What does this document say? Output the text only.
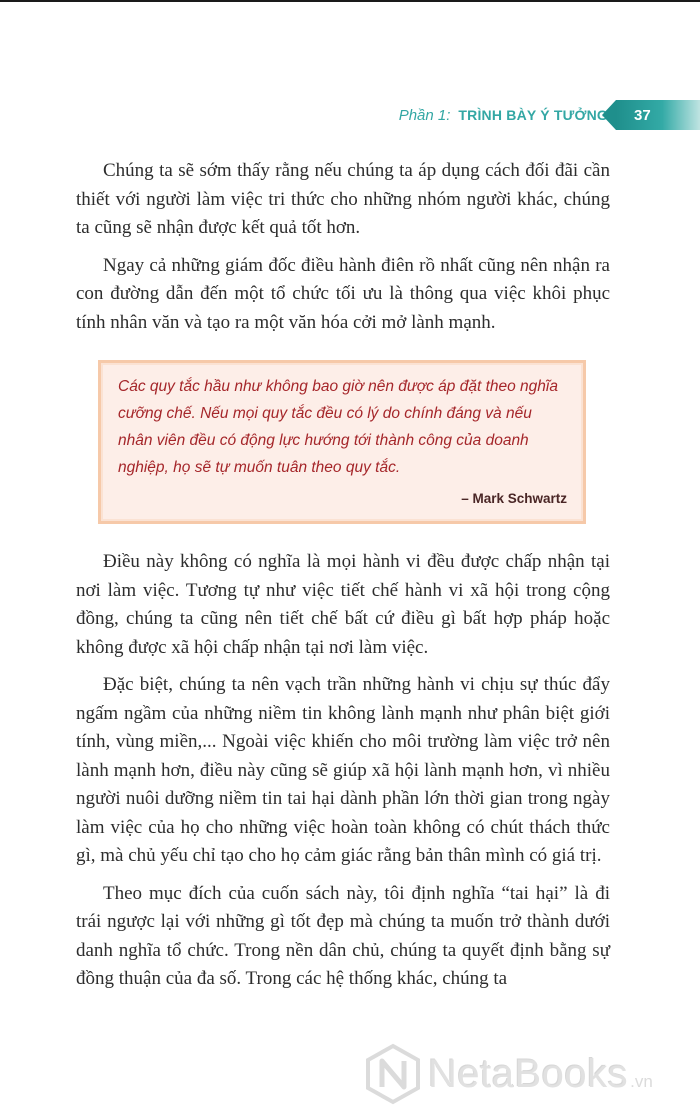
Phần 1: TRÌNH BÀY Ý TƯỞNG 37

Chúng ta sẽ sớm thấy rằng nếu chúng ta áp dụng cách đối đãi cần thiết với người làm việc tri thức cho những nhóm người khác, chúng ta cũng sẽ nhận được kết quả tốt hơn.

Ngay cả những giám đốc điều hành điên rồ nhất cũng nên nhận ra con đường dẫn đến một tổ chức tối ưu là thông qua việc khôi phục tính nhân văn và tạo ra một văn hóa cởi mở lành mạnh.

Các quy tắc hầu như không bao giờ nên được áp đặt theo nghĩa cưỡng chế. Nếu mọi quy tắc đều có lý do chính đáng và nếu nhân viên đều có động lực hướng tới thành công của doanh nghiệp, họ sẽ tự muốn tuân theo quy tắc.
– Mark Schwartz

Điều này không có nghĩa là mọi hành vi đều được chấp nhận tại nơi làm việc. Tương tự như việc tiết chế hành vi xã hội trong cộng đồng, chúng ta cũng nên tiết chế bất cứ điều gì bất hợp pháp hoặc không được xã hội chấp nhận tại nơi làm việc.

Đặc biệt, chúng ta nên vạch trần những hành vi chịu sự thúc đẩy ngấm ngầm của những niềm tin không lành mạnh như phân biệt giới tính, vùng miền,... Ngoài việc khiến cho môi trường làm việc trở nên lành mạnh hơn, điều này cũng sẽ giúp xã hội lành mạnh hơn, vì nhiều người nuôi dưỡng niềm tin tai hại dành phần lớn thời gian trong ngày làm việc của họ cho những việc hoàn toàn không có chút thách thức gì, mà chủ yếu chỉ tạo cho họ cảm giác rằng bản thân mình có giá trị.

Theo mục đích của cuốn sách này, tôi định nghĩa “tai hại” là đi trái ngược lại với những gì tốt đẹp mà chúng ta muốn trở thành dưới danh nghĩa tổ chức. Trong nền dân chủ, chúng ta quyết định bằng sự đồng thuận của đa số. Trong các hệ thống khác, chúng ta

NetaBooks .vn
